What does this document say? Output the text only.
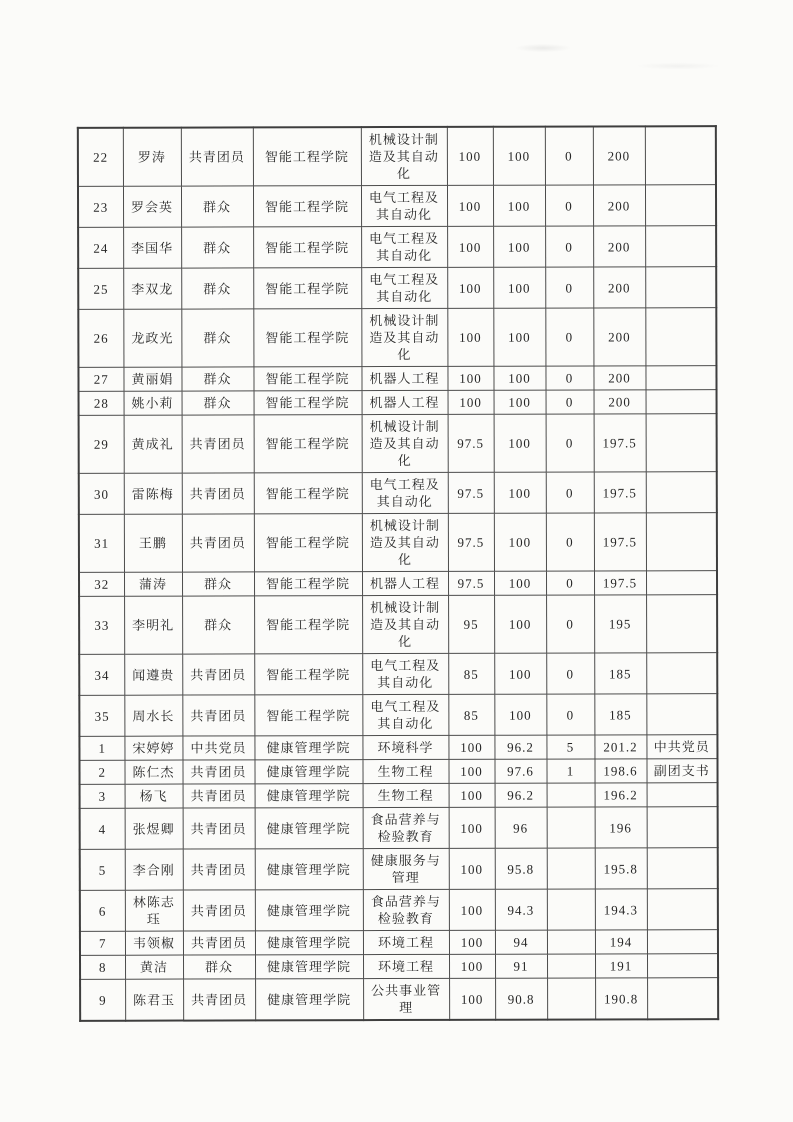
22	罗涛	共青团员	智能工程学院	机械设计制造及其自动化	100	100	0	200	
23	罗会英	群众	智能工程学院	电气工程及其自动化	100	100	0	200	
24	李国华	群众	智能工程学院	电气工程及其自动化	100	100	0	200	
25	李双龙	群众	智能工程学院	电气工程及其自动化	100	100	0	200	
26	龙政光	群众	智能工程学院	机械设计制造及其自动化	100	100	0	200	
27	黄丽娟	群众	智能工程学院	机器人工程	100	100	0	200	
28	姚小莉	群众	智能工程学院	机器人工程	100	100	0	200	
29	黄成礼	共青团员	智能工程学院	机械设计制造及其自动化	97.5	100	0	197.5	
30	雷陈梅	共青团员	智能工程学院	电气工程及其自动化	97.5	100	0	197.5	
31	王鹏	共青团员	智能工程学院	机械设计制造及其自动化	97.5	100	0	197.5	
32	蒲涛	群众	智能工程学院	机器人工程	97.5	100	0	197.5	
33	李明礼	群众	智能工程学院	机械设计制造及其自动化	95	100	0	195	
34	闻遵贵	共青团员	智能工程学院	电气工程及其自动化	85	100	0	185	
35	周水长	共青团员	智能工程学院	电气工程及其自动化	85	100	0	185	
1	宋婷婷	中共党员	健康管理学院	环境科学	100	96.2	5	201.2	中共党员
2	陈仁杰	共青团员	健康管理学院	生物工程	100	97.6	1	198.6	副团支书
3	杨飞	共青团员	健康管理学院	生物工程	100	96.2		196.2	
4	张煜卿	共青团员	健康管理学院	食品营养与检验教育	100	96		196	
5	李合刚	共青团员	健康管理学院	健康服务与管理	100	95.8		195.8	
6	林陈志珏	共青团员	健康管理学院	食品营养与检验教育	100	94.3		194.3	
7	韦领椒	共青团员	健康管理学院	环境工程	100	94		194	
8	黄洁	群众	健康管理学院	环境工程	100	91		191	
9	陈君玉	共青团员	健康管理学院	公共事业管理	100	90.8		190.8	
